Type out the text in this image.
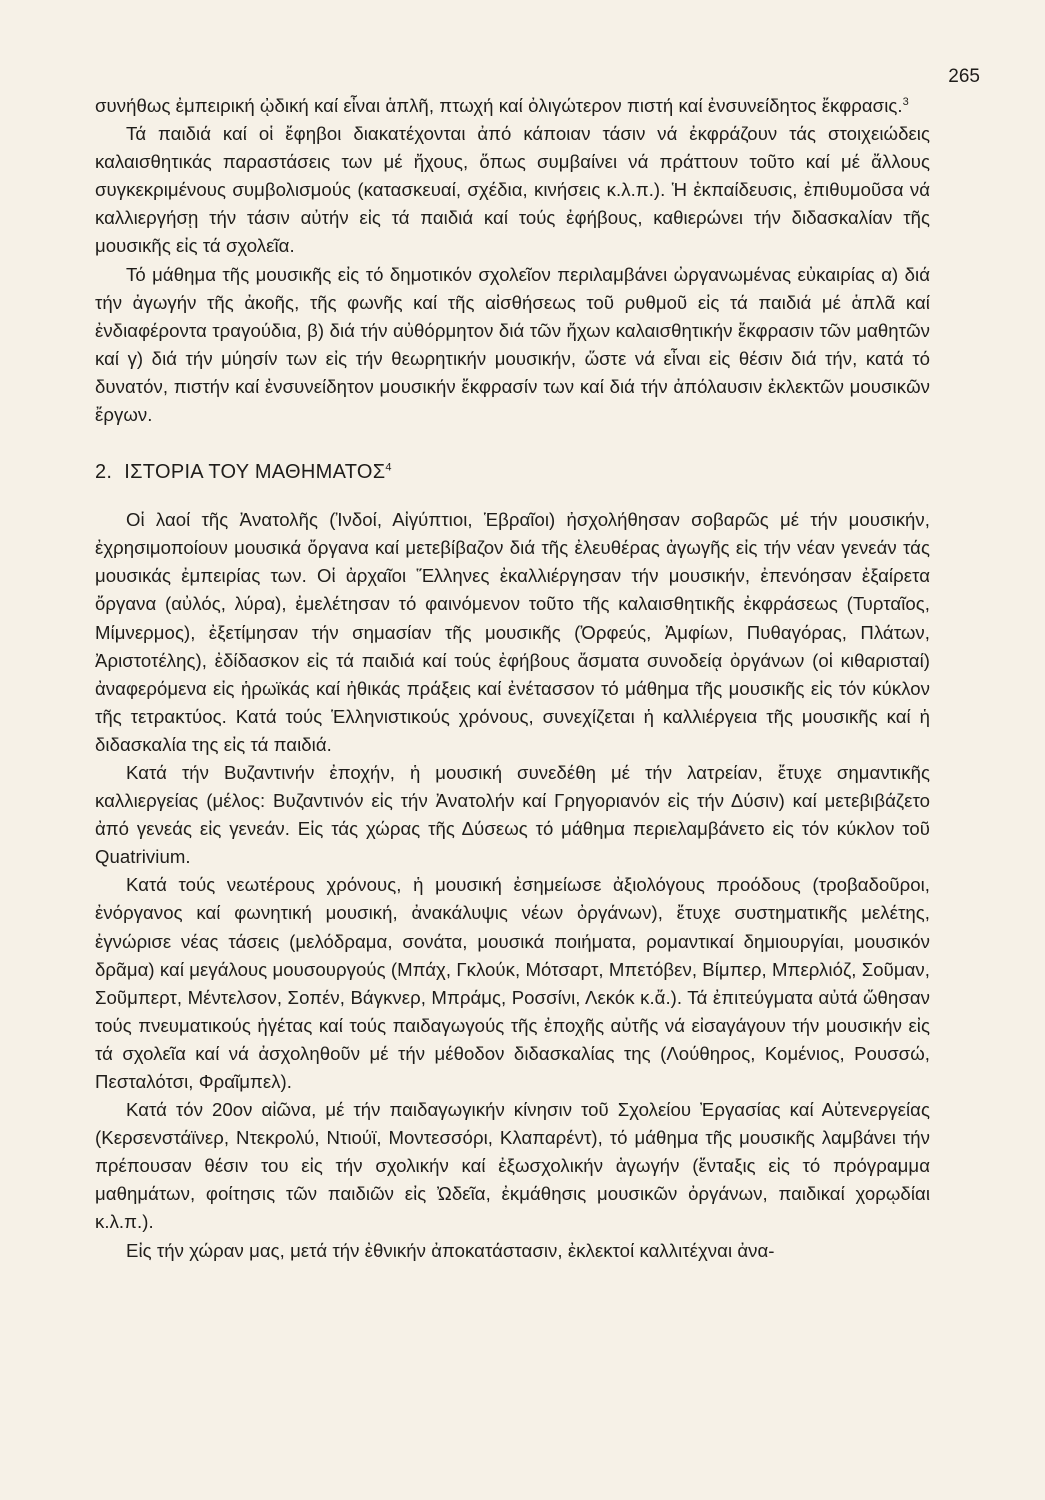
265

συνήθως ἐμπειρική ᾠδική καί εἶναι ἁπλῆ, πτωχή καί ὀλιγώτερον πιστή καί ἐνσυνείδητος ἔκφρασις.$^3$

Τά παιδιά καί οἱ ἔφηβοι διακατέχονται ἀπό κάποιαν τάσιν νά ἐκφράζουν τάς στοιχειώδεις καλαισθητικάς παραστάσεις των μέ ἤχους, ὅπως συμβαίνει νά πράττουν τοῦτο καί μέ ἄλλους συγκεκριμένους συμβολισμούς (κατασκευαί, σχέδια, κινήσεις κ.λ.π.). Ἡ ἐκπαίδευσις, ἐπιθυμοῦσα νά καλλιεργήσῃ τήν τάσιν αὐτήν εἰς τά παιδιά καί τούς ἐφήβους, καθιερώνει τήν διδασκαλίαν τῆς μουσικῆς εἰς τά σχολεῖα.

Τό μάθημα τῆς μουσικῆς εἰς τό δημοτικόν σχολεῖον περιλαμβάνει ὠργανωμένας εὐκαιρίας α) διά τήν ἀγωγήν τῆς ἀκοῆς, τῆς φωνῆς καί τῆς αἰσθήσεως τοῦ ρυθμοῦ εἰς τά παιδιά μέ ἁπλᾶ καί ἐνδιαφέροντα τραγούδια, β) διά τήν αὐθόρμητον διά τῶν ἤχων καλαισθητικήν ἔκφρασιν τῶν μαθητῶν καί γ) διά τήν μύησίν των εἰς τήν θεωρητικήν μουσικήν, ὥστε νά εἶναι εἰς θέσιν διά τήν, κατά τό δυνατόν, πιστήν καί ἐνσυνείδητον μουσικήν ἔκφρασίν των καί διά τήν ἀπόλαυσιν ἐκλεκτῶν μουσικῶν ἔργων.

2. ΙΣΤΟΡΙΑ ΤΟΥ ΜΑΘΗΜΑΤΟΣ$^4$

Οἱ λαοί τῆς Ἀνατολῆς (Ἰνδοί, Αἰγύπτιοι, Ἑβραῖοι) ἠσχολήθησαν σοβαρῶς μέ τήν μουσικήν, ἐχρησιμοποίουν μουσικά ὄργανα καί μετεβίβαζον διά τῆς ἐλευθέρας ἀγωγῆς εἰς τήν νέαν γενεάν τάς μουσικάς ἐμπειρίας των. Οἱ ἀρχαῖοι Ἕλληνες ἐκαλλιέργησαν τήν μουσικήν, ἐπενόησαν ἐξαίρετα ὄργανα (αὐλός, λύρα), ἐμελέτησαν τό φαινόμενον τοῦτο τῆς καλαισθητικῆς ἐκφράσεως (Τυρταῖος, Μίμνερμος), ἐξετίμησαν τήν σημασίαν τῆς μουσικῆς (Ὀρφεύς, Ἀμφίων, Πυθαγόρας, Πλάτων, Ἀριστοτέλης), ἐδίδασκον εἰς τά παιδιά καί τούς ἐφήβους ἄσματα συνοδείᾳ ὀργάνων (οἱ κιθαρισταί) ἀναφερόμενα εἰς ἡρωϊκάς καί ἠθικάς πράξεις καί ἐνέτασσον τό μάθημα τῆς μουσικῆς εἰς τόν κύκλον τῆς τετρακτύος. Κατά τούς Ἑλληνιστικούς χρόνους, συνεχίζεται ἡ καλλιέργεια τῆς μουσικῆς καί ἡ διδασκαλία της εἰς τά παιδιά.

Κατά τήν Βυζαντινήν ἐποχήν, ἡ μουσική συνεδέθη μέ τήν λατρείαν, ἔτυχε σημαντικῆς καλλιεργείας (μέλος: Βυζαντινόν εἰς τήν Ἀνατολήν καί Γρηγοριανόν εἰς τήν Δύσιν) καί μετεβιβάζετο ἀπό γενεάς εἰς γενεάν. Εἰς τάς χώρας τῆς Δύσεως τό μάθημα περιελαμβάνετο εἰς τόν κύκλον τοῦ Quatrivium.

Κατά τούς νεωτέρους χρόνους, ἡ μουσική ἐσημείωσε ἀξιολόγους προόδους (τροβαδοῦροι, ἐνόργανος καί φωνητική μουσική, ἀνακάλυψις νέων ὀργάνων), ἔτυχε συστηματικῆς μελέτης, ἐγνώρισε νέας τάσεις (μελόδραμα, σονάτα, μουσικά ποιήματα, ρομαντικαί δημιουργίαι, μουσικόν δρᾶμα) καί μεγάλους μουσουργούς (Μπάχ, Γκλούκ, Μότσαρτ, Μπετόβεν, Βίμπερ, Μπερλιόζ, Σοῦμαν, Σοῦμπερτ, Μέντελσον, Σοπέν, Βάγκνερ, Μπράμς, Ροσσίνι, Λεκόκ κ.ἄ.). Τά ἐπιτεύγματα αὐτά ὤθησαν τούς πνευματικούς ἡγέτας καί τούς παιδαγωγούς τῆς ἐποχῆς αὐτῆς νά εἰσαγάγουν τήν μουσικήν εἰς τά σχολεῖα καί νά ἀσχοληθοῦν μέ τήν μέθοδον διδασκαλίας της (Λούθηρος, Κομένιος, Ρουσσώ, Πεσταλότσι, Φραῖμπελ).

Κατά τόν 20ον αἰῶνα, μέ τήν παιδαγωγικήν κίνησιν τοῦ Σχολείου Ἐργασίας καί Αὐτενεργείας (Κερσενστάϊνερ, Ντεκρολύ, Ντιούϊ, Μοντεσσόρι, Κλαπαρέντ), τό μάθημα τῆς μουσικῆς λαμβάνει τήν πρέπουσαν θέσιν του εἰς τήν σχολικήν καί ἐξωσχολικήν ἀγωγήν (ἔνταξις εἰς τό πρόγραμμα μαθημάτων, φοίτησις τῶν παιδιῶν εἰς Ὠδεῖα, ἐκμάθησις μουσικῶν ὀργάνων, παιδικαί χορῳδίαι κ.λ.π.).

Εἰς τήν χώραν μας, μετά τήν ἐθνικήν ἀποκατάστασιν, ἐκλεκτοί καλλιτέχναι ἀνα-
